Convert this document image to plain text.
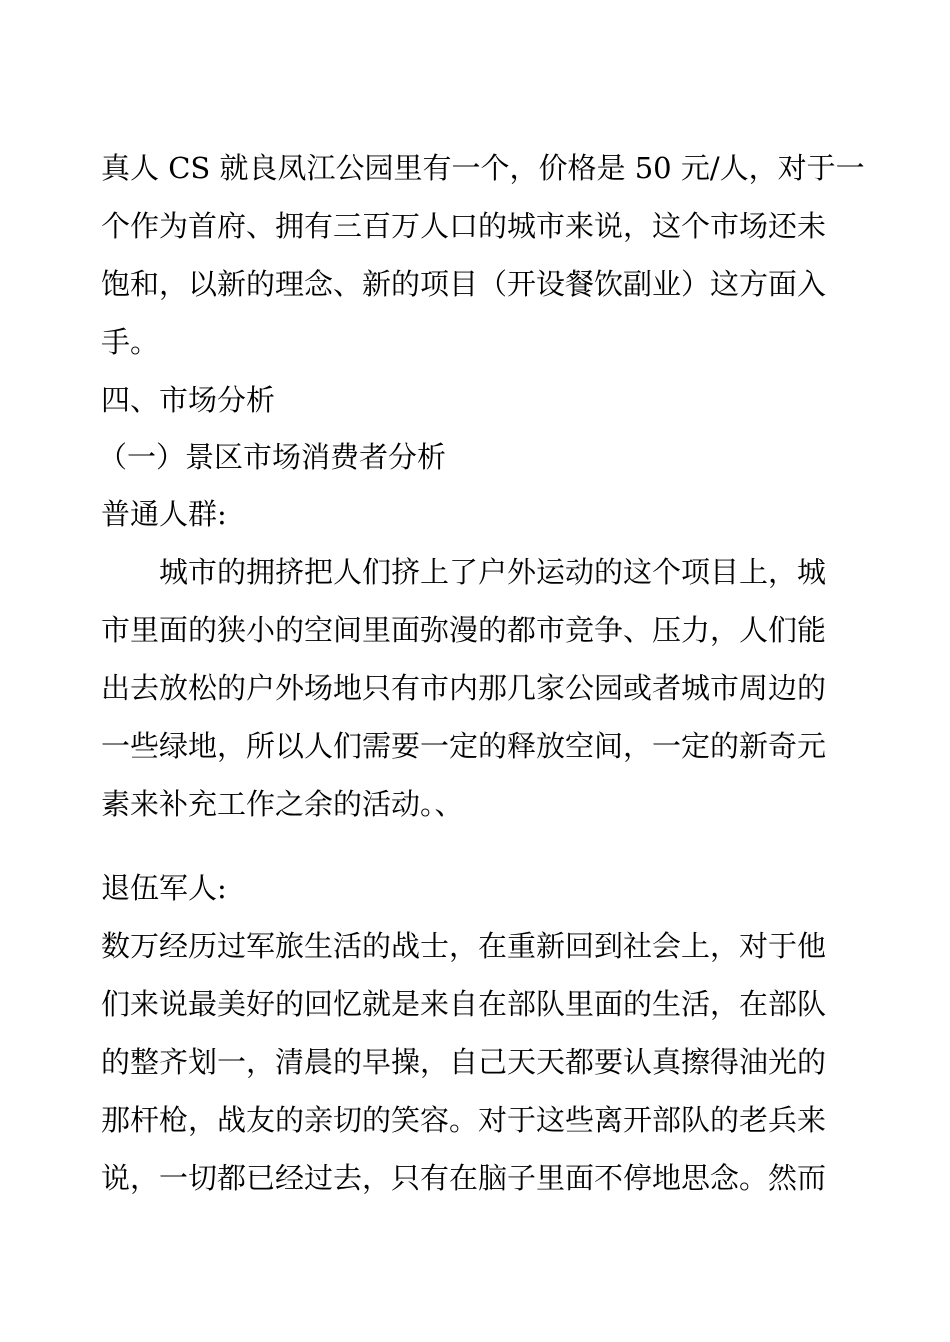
真人 CS 就良凤江公园里有一个，价格是 50 元/人，对于一
个作为首府、拥有三百万人口的城市来说，这个市场还未
饱和，以新的理念、新的项目（开设餐饮副业）这方面入
手。
四、市场分析
（一）景区市场消费者分析
普通人群:
城市的拥挤把人们挤上了户外运动的这个项目上，城
市里面的狭小的空间里面弥漫的都市竞争、压力，人们能
出去放松的户外场地只有市内那几家公园或者城市周边的
一些绿地，所以人们需要一定的释放空间，一定的新奇元
素来补充工作之余的活动。、
退伍军人:
数万经历过军旅生活的战士，在重新回到社会上，对于他
们来说最美好的回忆就是来自在部队里面的生活，在部队
的整齐划一，清晨的早操，自己天天都要认真擦得油光的
那杆枪，战友的亲切的笑容。对于这些离开部队的老兵来
说，一切都已经过去，只有在脑子里面不停地思念。然而
